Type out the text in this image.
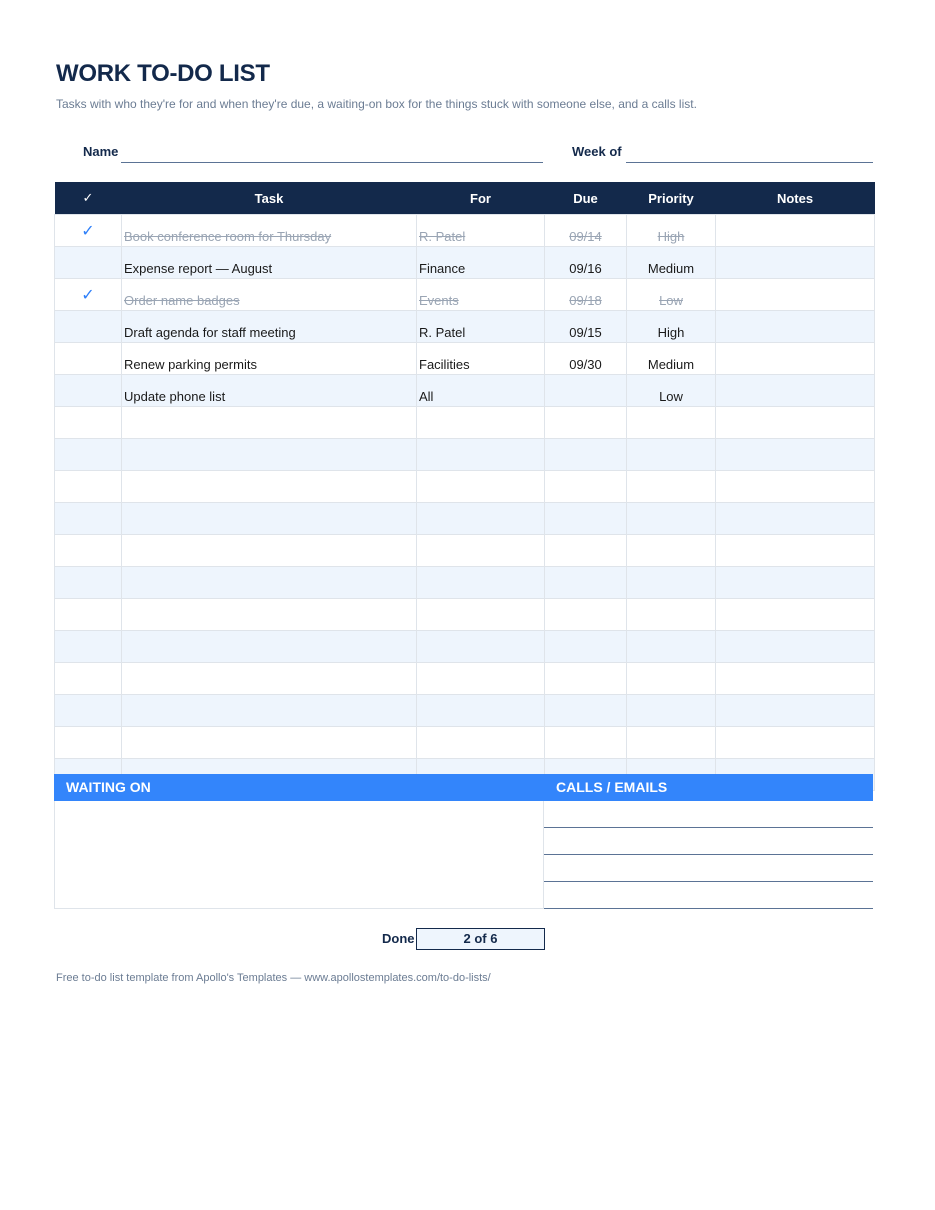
WORK TO-DO LIST
Tasks with who they're for and when they're due, a waiting-on box for the things stuck with someone else, and a calls list.
Name	Week of
✓	Task	For	Due	Priority	Notes
✓	Book conference room for Thursday	R. Patel	09/14	High	
	Expense report — August	Finance	09/16	Medium	
✓	Order name badges	Events	09/18	Low	
	Draft agenda for staff meeting	R. Patel	09/15	High	
	Renew parking permits	Facilities	09/30	Medium	
	Update phone list	All		Low	

WAITING ON	CALLS / EMAILS
Done	2 of 6
Free to-do list template from Apollo's Templates — www.apollostemplates.com/to-do-lists/
